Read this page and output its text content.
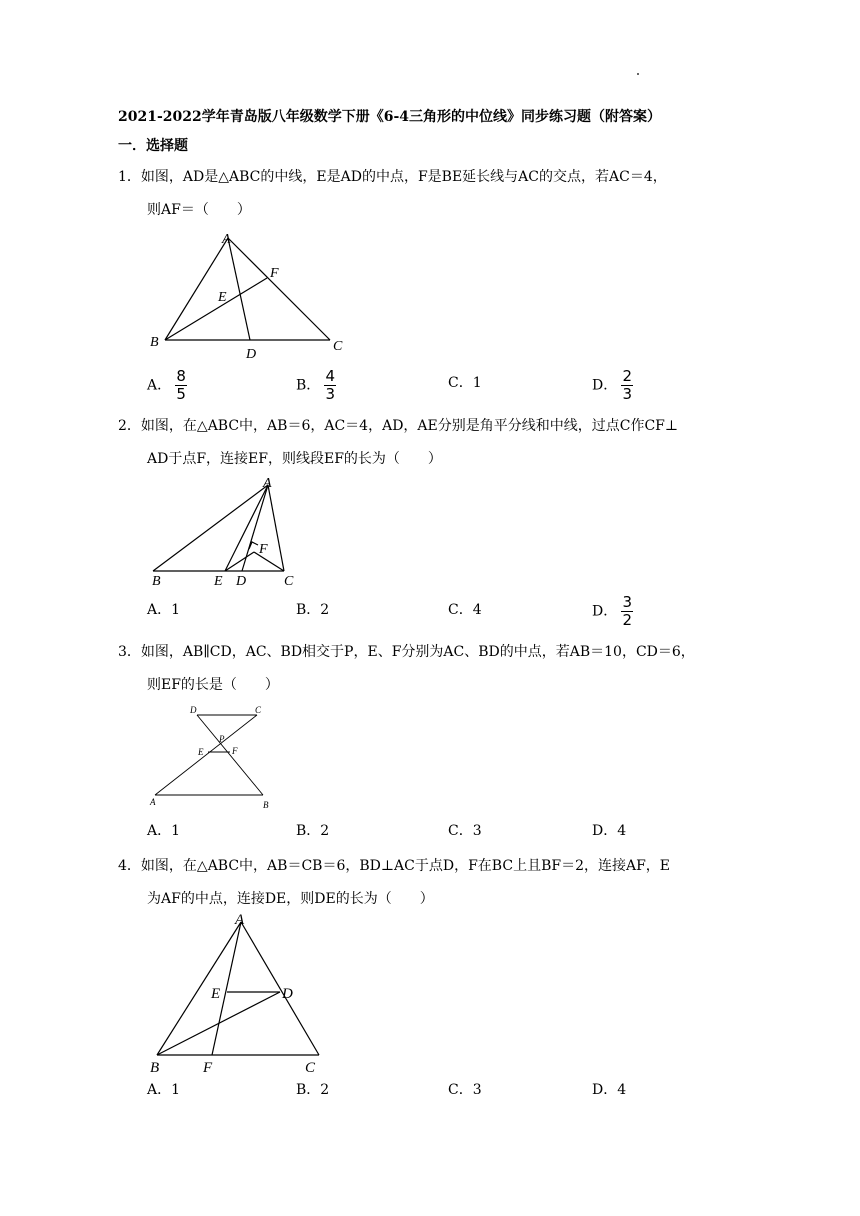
2021-2022学年青岛版八年级数学下册《6-4三角形的中位线》同步练习题（附答案）
一．选择题
1．如图，AD是△ABC的中线，E是AD的中点，F是BE延长线与AC的交点，若AC＝4，
则AF＝（　　）
A
B	C
D
E
F
A． $\frac{8}{5}$	B． $\frac{4}{3}$	C．1	D． $\frac{2}{3}$
2．如图，在△ABC中，AB＝6，AC＝4，AD，AE分别是角平分线和中线，过点C作CF⊥
AD于点F，连接EF，则线段EF的长为（　　）
A
B	C
D
E
F
A．1	B．2	C．4	D． $\frac{3}{2}$
3．如图，AB∥CD，AC、BD相交于P，E、F分别为AC、BD的中点，若AB＝10，CD＝6，
则EF的长是（　　）
D	C
P
E	F
A	B
A．1	B．2	C．3	D．4
4．如图，在△ABC中，AB＝CB＝6，BD⊥AC于点D，F在BC上且BF＝2，连接AF，E
为AF的中点，连接DE，则DE的长为（　　）
A
E	D
B	F	C
A．1	B．2	C．3	D．4
